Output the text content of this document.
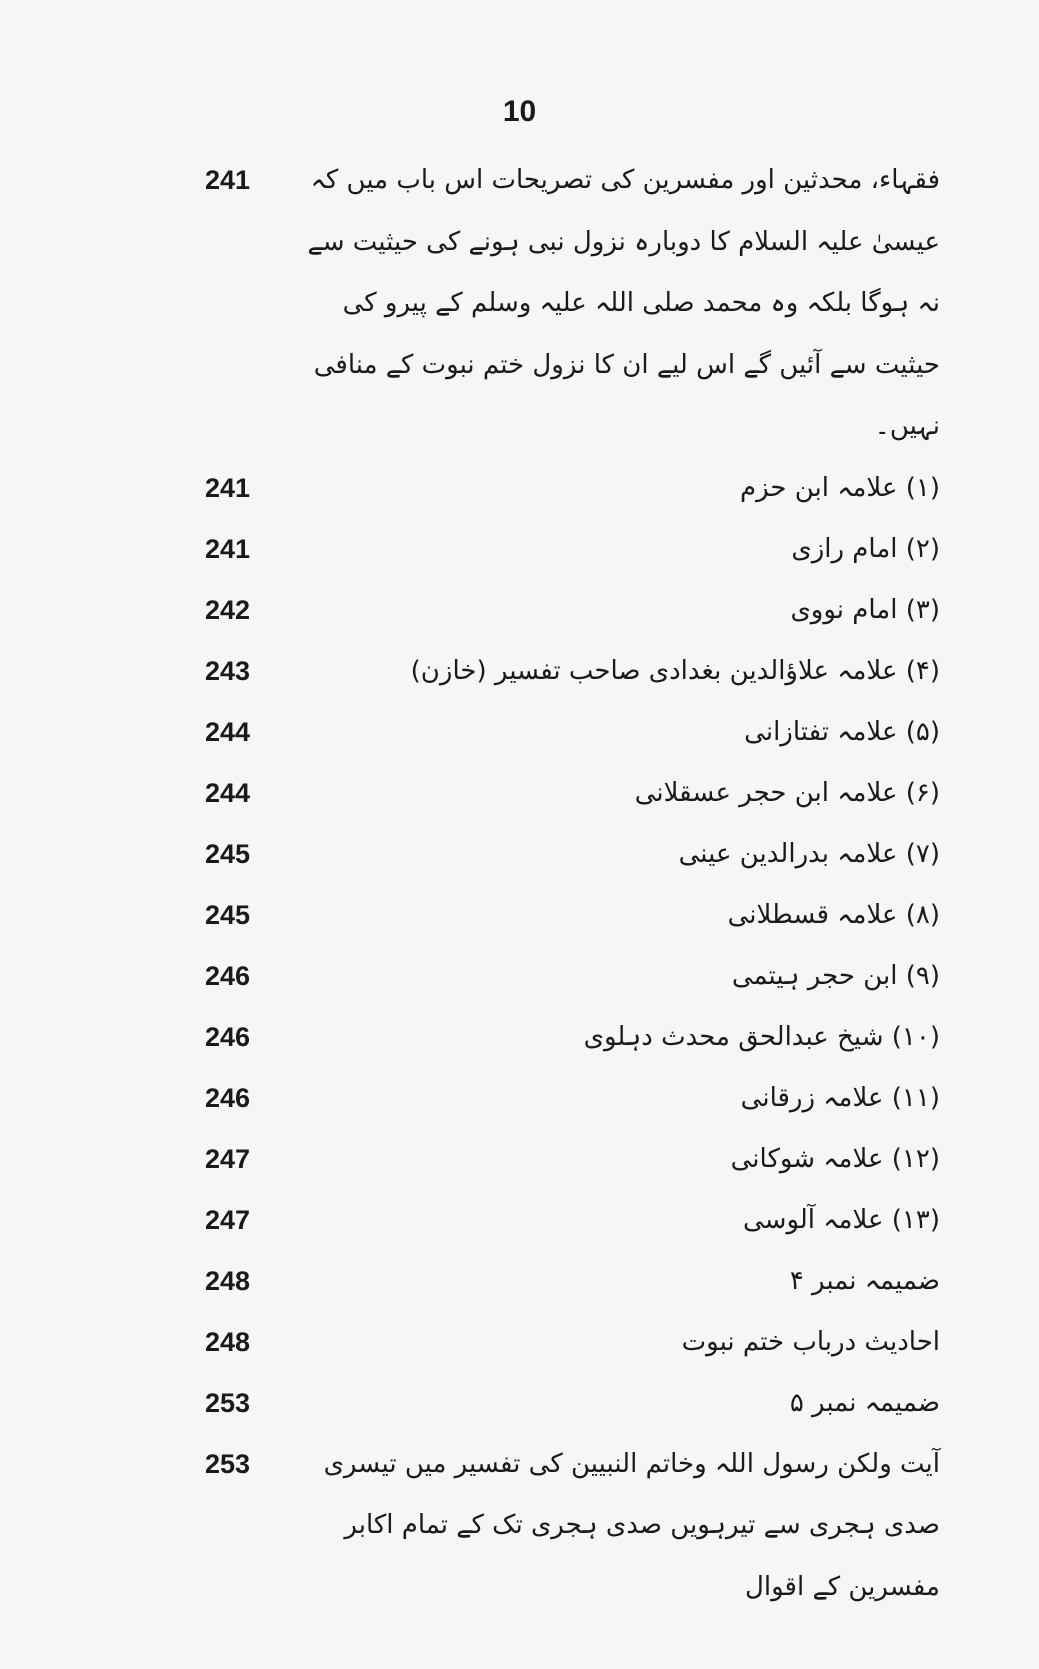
10
فقہاء، محدثین اور مفسرین کی تصریحات اس باب میں کہ عیسیٰ علیہ السلام کا دوبارہ نزول نبی ہونے کی حیثیت سے نہ ہوگا بلکہ وہ محمد صلی اللہ علیہ وسلم کے پیرو کی حیثیت سے آئیں گے اس لیے ان کا نزول ختم نبوت کے منافی نہیں۔
241
(۱) علامہ ابن حزم
241
(۲) امام رازی
241
(۳) امام نووی
242
(۴) علامہ علاؤالدین بغدادی صاحب تفسیر (خازن)
243
(۵) علامہ تفتازانی
244
(۶) علامہ ابن حجر عسقلانی
244
(۷) علامہ بدرالدین عینی
245
(۸) علامہ قسطلانی
245
(۹) ابن حجر ہیتمی
246
(۱۰) شیخ عبدالحق محدث دہلوی
246
(۱۱) علامہ زرقانی
246
(۱۲) علامہ شوکانی
247
(۱۳) علامہ آلوسی
247
ضمیمہ نمبر ۴
248
احادیث درباب ختم نبوت
248
ضمیمہ نمبر ۵
253
آیت ولکن رسول اللہ وخاتم النبیین کی تفسیر میں تیسری صدی ہجری سے تیرہویں صدی ہجری تک کے تمام اکابر مفسرین کے اقوال
253
